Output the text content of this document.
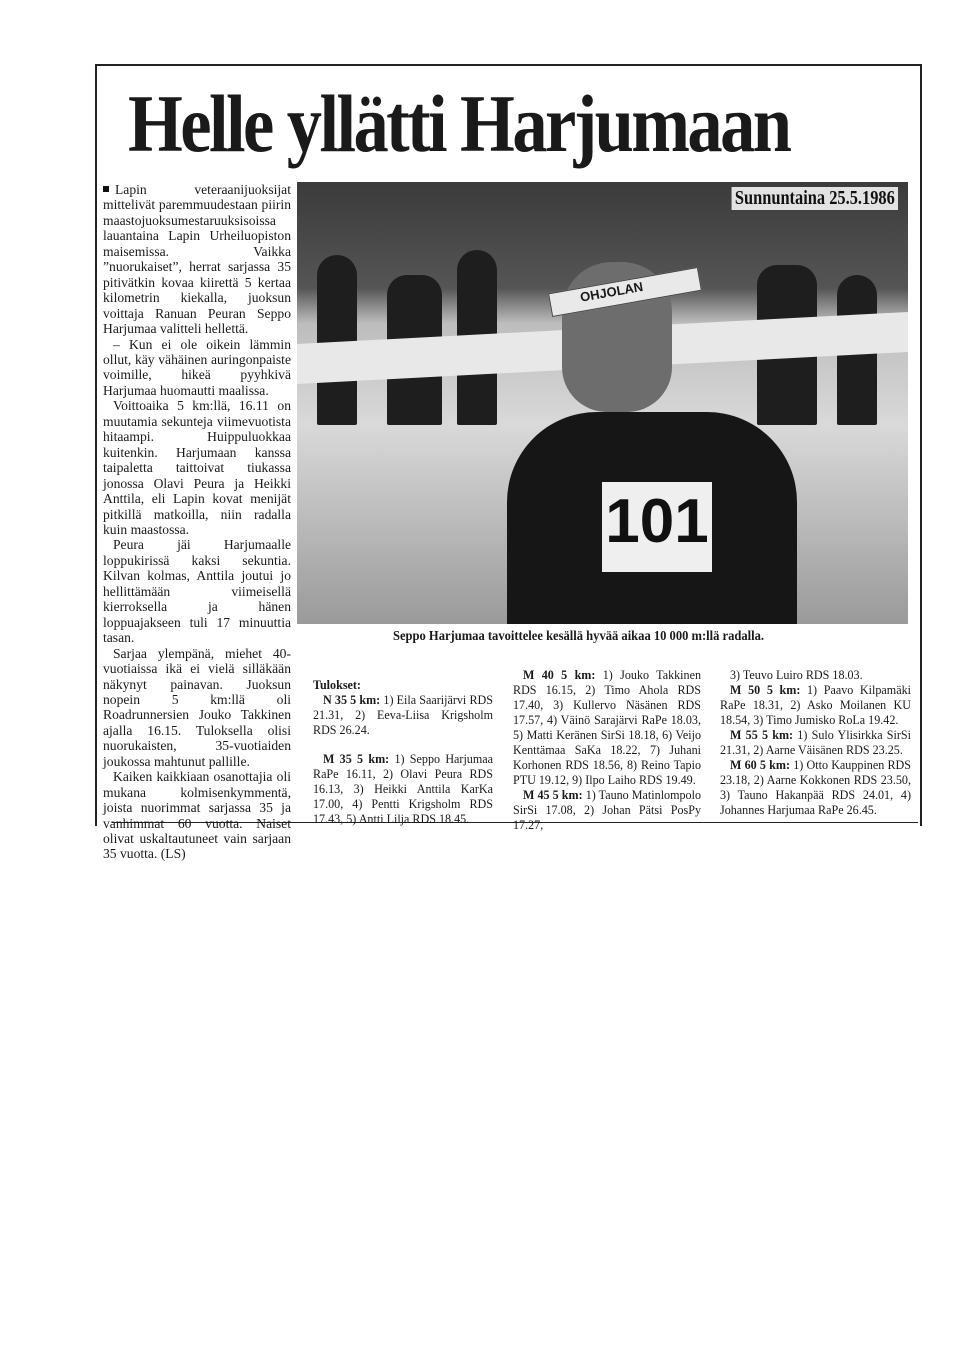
Helle yllätti Harjumaan

Lapin veteraanijuoksijat mittelivät paremmuudestaan piirin maastojuoksumestaruuksisoissa lauantaina Lapin Urheiluopiston maisemissa. Vaikka ”nuorukaiset”, herrat sarjassa 35 pitivätkin kovaa kiirettä 5 kertaa kilometrin kiekalla, juoksun voittaja Ranuan Peuran Seppo Harjumaa valitteli hellettä.

– Kun ei ole oikein lämmin ollut, käy vähäinen auringonpaiste voimille, hikeä pyyhkivä Harjumaa huomautti maalissa.

Voittoaika 5 km:llä, 16.11 on muutamia sekunteja viimevuotista hitaampi. Huippuluokkaa kuitenkin. Harjumaan kanssa taipaletta taittoivat tiukassa jonossa Olavi Peura ja Heikki Anttila, eli Lapin kovat menijät pitkillä matkoilla, niin radalla kuin maastossa.

Peura jäi Harjumaalle loppukirissä kaksi sekuntia. Kilvan kolmas, Anttila joutui jo hellittämään viimeisellä kierroksella ja hänen loppuajakseen tuli 17 minuuttia tasan.

Sarjaa ylempänä, miehet 40-vuotiaissa ikä ei vielä silläkään näkynyt painavan. Juoksun nopein 5 km:llä oli Roadrunnersien Jouko Takkinen ajalla 16.15. Tuloksella olisi nuorukaisten, 35-vuotiaiden joukossa mahtunut pallille.

Kaiken kaikkiaan osanottajia oli mukana kolmisenkymmentä, joista nuorimmat sarjassa 35 ja vanhimmat 60 vuotta. Naiset olivat uskaltautuneet vain sarjaan 35 vuotta. (LS)

OHJOLAN
101
Sunnuntaina 25.5.1986

Seppo Harjumaa tavoittelee kesällä hyvää aikaa 10 000 m:llä radalla.

Tulokset:

N 35 5 km: 1) Eila Saarijärvi RDS 21.31, 2) Eeva-Liisa Krigsholm RDS 26.24.

M 35 5 km: 1) Seppo Harjumaa RaPe 16.11, 2) Olavi Peura RDS 16.13, 3) Heikki Anttila KarKa 17.00, 4) Pentti Krigsholm RDS 17.43, 5) Antti Lilja RDS 18.45.

M 40 5 km: 1) Jouko Takkinen RDS 16.15, 2) Timo Ahola RDS 17.40, 3) Kullervo Näsänen RDS 17.57, 4) Väinö Sarajärvi RaPe 18.03, 5) Matti Keränen SirSi 18.18, 6) Veijo Kenttämaa SaKa 18.22, 7) Juhani Korhonen RDS 18.56, 8) Reino Tapio PTU 19.12, 9) Ilpo Laiho RDS 19.49.

M 45 5 km: 1) Tauno Matinlompolo SirSi 17.08, 2) Johan Pätsi PosPy 17.27,

3) Teuvo Luiro RDS 18.03.

M 50 5 km: 1) Paavo Kilpamäki RaPe 18.31, 2) Asko Moilanen KU 18.54, 3) Timo Jumisko RoLa 19.42.

M 55 5 km: 1) Sulo Ylisirkka SirSi 21.31, 2) Aarne Väisänen RDS 23.25.

M 60 5 km: 1) Otto Kauppinen RDS 23.18, 2) Aarne Kokkonen RDS 23.50, 3) Tauno Hakanpää RDS 24.01, 4) Johannes Harjumaa RaPe 26.45.
